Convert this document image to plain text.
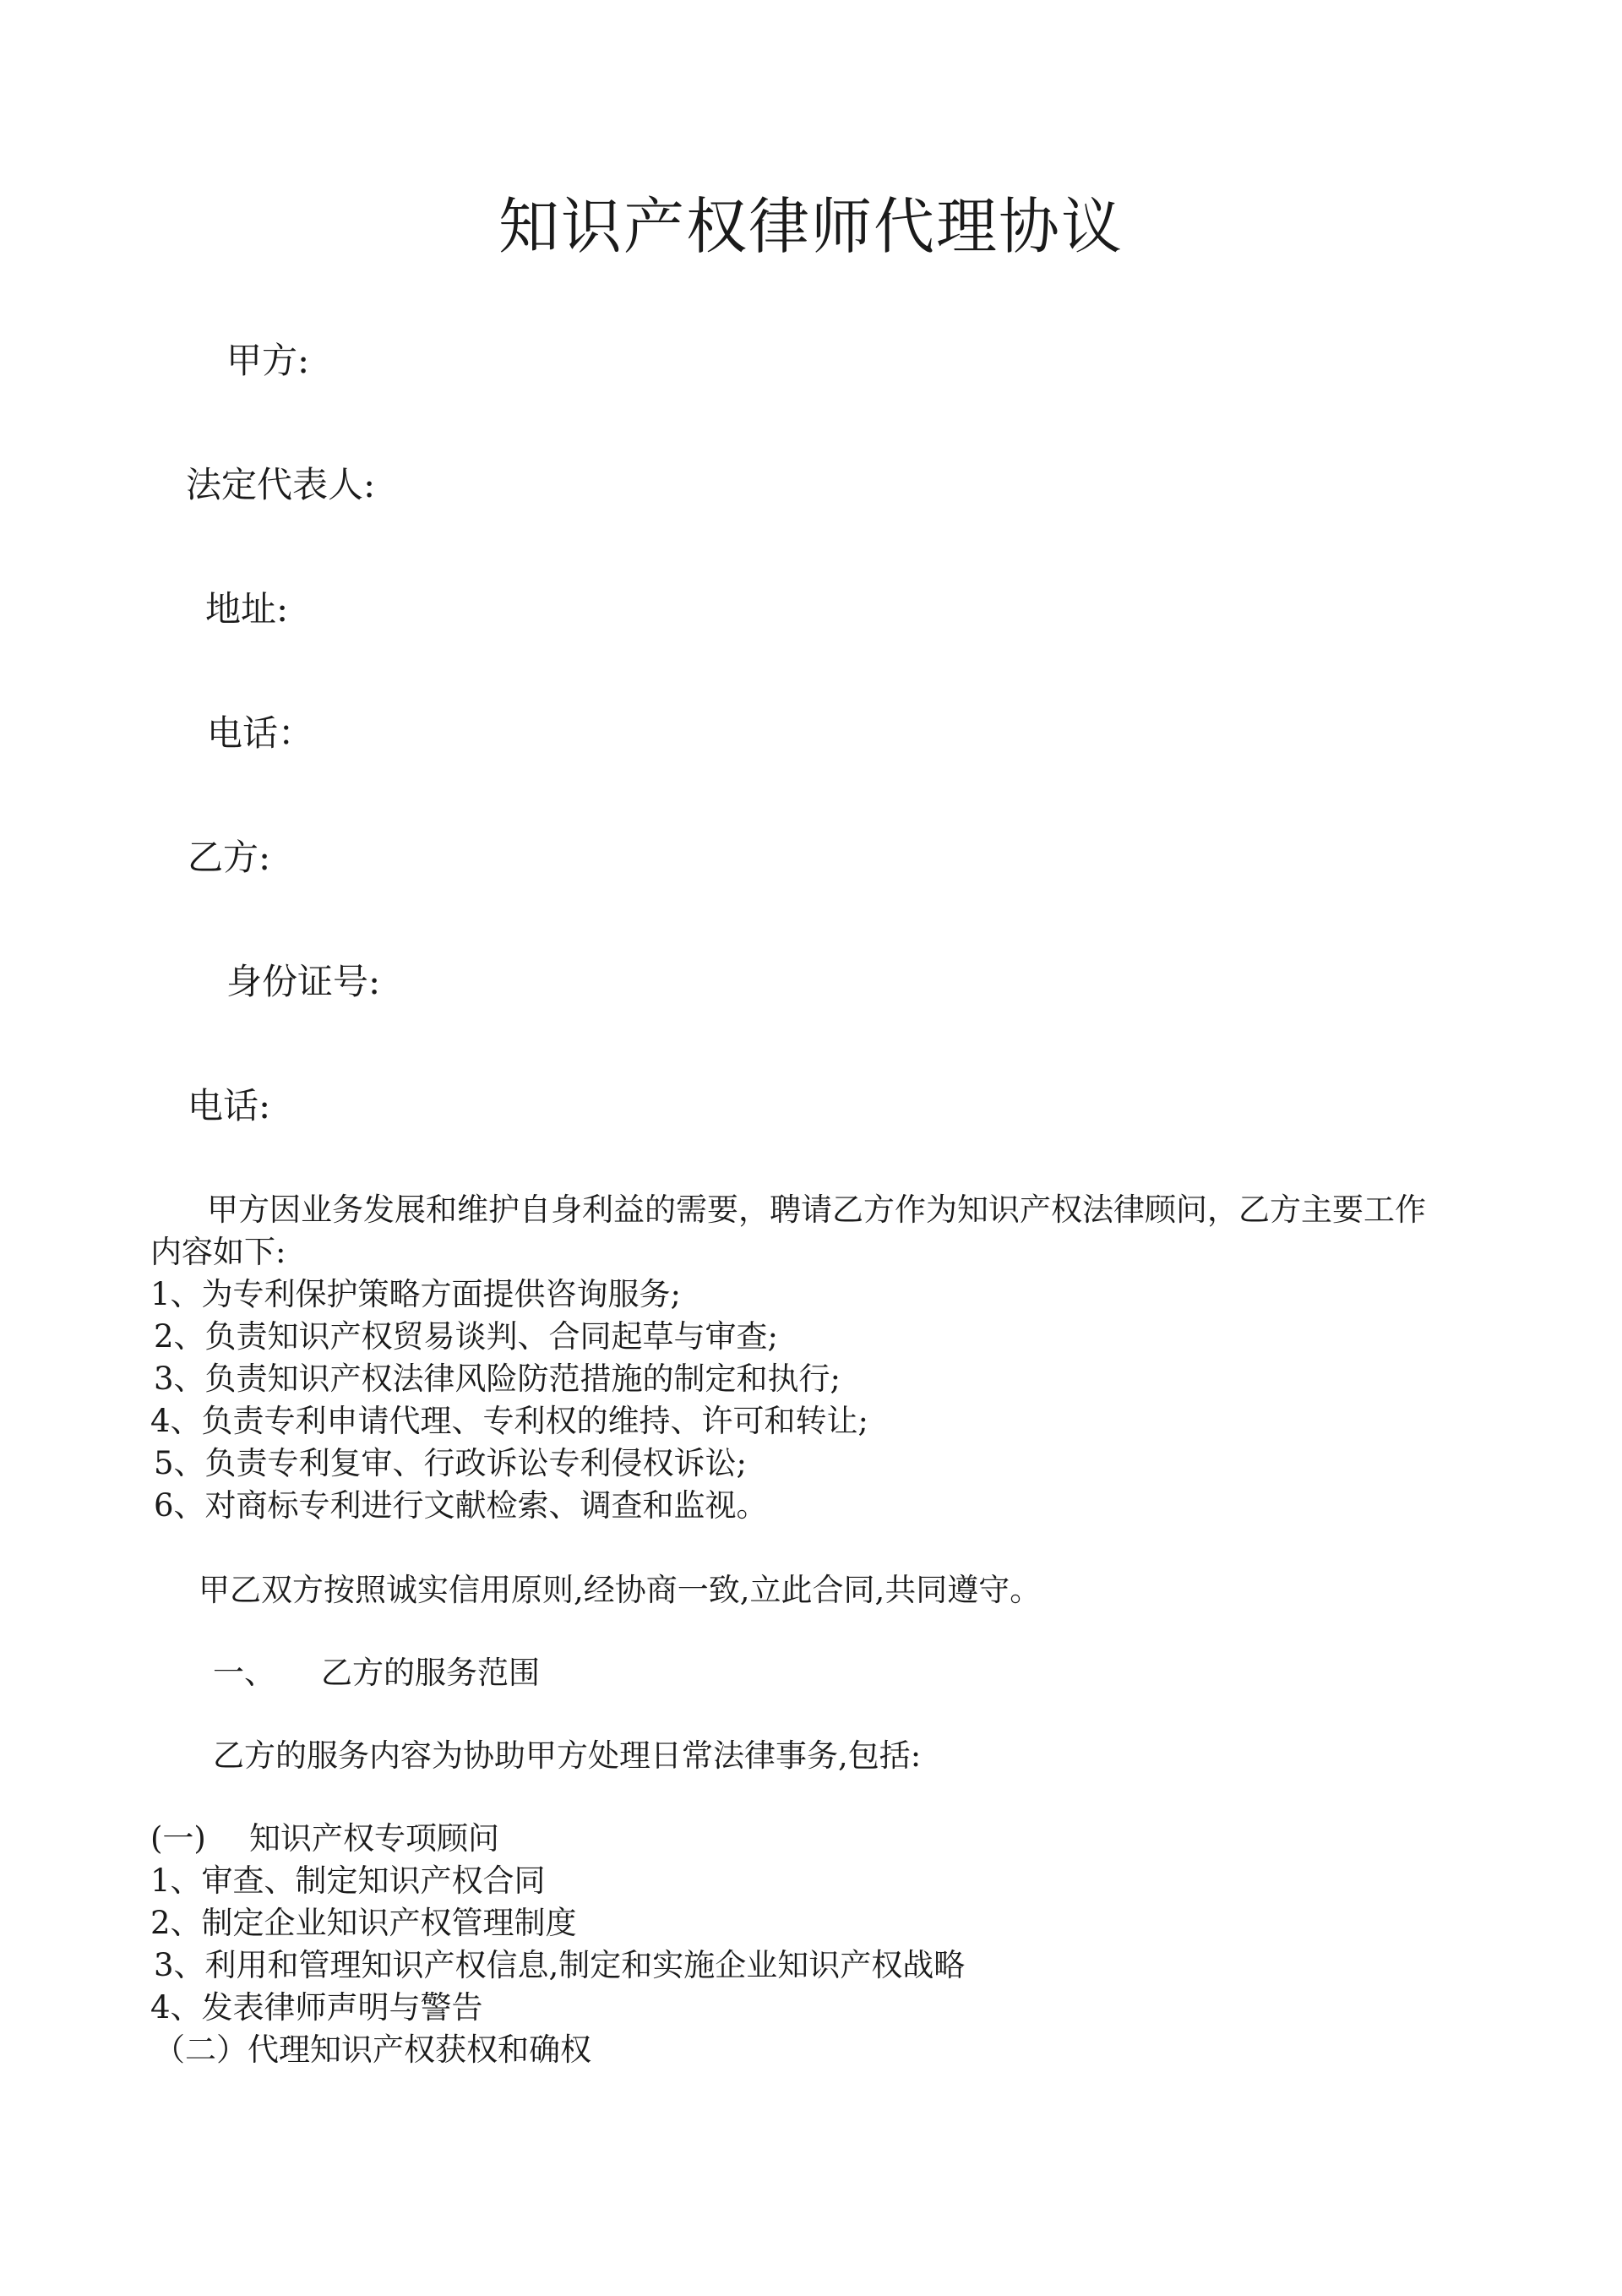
知识产权律师代理协议
甲方:
法定代表人:
地址:
电话：
乙方:
身份证号:
电话:
甲方因业务发展和维护自身利益的需要，聘请乙方作为知识产权法律顾问，乙方主要工作
内容如下:
1、为专利保护策略方面提供咨询服务;
2、负责知识产权贸易谈判、合同起草与审查;
3、负责知识产权法律风险防范措施的制定和执行;
4、负责专利申请代理、专利权的维持、许可和转让;
5、负责专利复审、行政诉讼专利侵权诉讼;
6、对商标专利进行文献检索、调查和监视。
甲乙双方按照诚实信用原则,经协商一致,立此合同,共同遵守。
一、 乙方的服务范围
乙方的服务内容为协助甲方处理日常法律事务,包括:
(一) 知识产权专项顾问
1、审查、制定知识产权合同
2、制定企业知识产权管理制度
3、利用和管理知识产权信息,制定和实施企业知识产权战略
4、发表律师声明与警告
（二）代理知识产权获权和确权
